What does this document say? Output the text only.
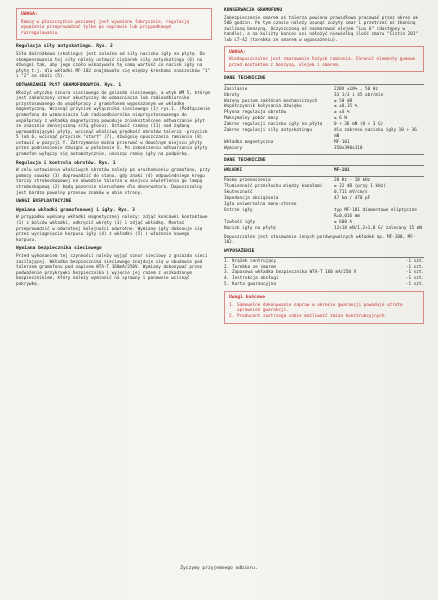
UWAGA:
Ramię w płaszczyźnie poziomej jest wyważone fabrycznie, regulację wyważenia przeprowadzać tylko po naprawie lub przypadkowym rozregulowaniu.
Regulacja siły antyskatingu. Rys. 2
Siła dośrodkowa (skatingu) jest zależna od siły nacisku igły na płytę. Do skompensowania tej siły należy ustawić ciężarek siły antyskatingu (6) na dźwigni tak, aby jego czoło wskazywało tę samą wartość co nacisk igły na płytę t.j. dla wkładki MF-102 znajdowało się między kreskami znaczników "1" i "2" na skali (5).
ODTWARZANIE PŁYT GRAMOFONOWYCH. Rys. 1
Włożyć wtyczkę sznura sieciowego do gniazda sieciowego, a wtyk WM 5, którym jest zakończony sznur akustyczny do wzmacniacza lub radioodbiornika przystosowanego do współpracy z gramofonem wyposażonym we wkładkę magnetyczną. Wcisnąć przycisk wyłącznika sieciowego (1) rys.1. (Podłączenie gramofonu do wzmacniacza lub radioodbiornika nieprzystosowanego do współpracy z wkładką magnetyczną powoduje zniekształcone odtwarzanie płyt ze znacznie zmniejszoną siłą głosu). Ustawić rzemię (11) nad żądaną wprowadzającymi płyty, wcisnąć właściwą prędkość obrotów talerza -przycisk 5 lub 6, wcisnąć przycisk "start" (7), dźwignię opuszczania ramienia (8) ustawić w pozycji Y. Zatrzymanie można przerwać w dowolnym miejscu płyty przez podniesienie dźwigni w położenie X. Po zakończeniu odtwarzania płyty gramofon wyłączy się automatycznie, unosząc ramię igły na podpórkę.
Regulacja i kontrola obrotów. Rys. 1
W celu ustawienia właściwych obrotów należy po uruchomieniu gramofonu, przy pomocy suwaka (3) doprowadzić do stanu, gdy znaki (4) odpowiedniego kręgu tarczy stroboskopowej na obwodzie talerza w miejscu oświetlenia go lampą stroboskopową (2) będą pozornie nieruchome dla obserwatora. Dopuszczalny jest bardzo powolny przesuw znaków w obie strony.
UWAGI EKSPLOATACYJNE
Wymiana wkładki gramofonowej i igły. Rys. 3
W przypadku wymiany wkładki magnetycznej należy: zdjąć końcówki kontaktowe (1) z bolców wkładki, odkręcić wkręty (3) i zdjąć wkładkę. Montaż przeprowadzić w odwrotnej kolejności odwrotne. Wymianę igły dokonuje się przez wyciągnięcie korpusu igły (4) z wkładki (5) i włożenie nowego korpusu.
Wymiana bezpiecznika sieciowego
Przed wykonaniem tej czynności należy wyjąć sznur sieciowy z gniazda sieci zasilającej. Wkładka bezpiecznika sieciowego znajduje się w obudowie pod talerzem gramofonu pod napisem WTA-T 160mA/250V. Wymiany dokonywać przez podważenie przykrywki bezpiecznika i wyjęcie jej razem z uszkodzonym bezpiecznikiem, który należy wymienić na sprawny i ponownie wcisnąć pokrywkę.
KONSERWACJA GRAMOFONU
Zabezpieczenie smarem oś talerza powinna prawidłowo pracować przez okres ok 500 godzin. Po tym czasie należy usunąć zużyty smar i przetrzeć oś tkaniną zwilżoną benzyną. Oczyszczoną oś nasmarować olejem "Lux 6" (dostępny w handlu), a na kuliżty koniec osi nałożyć niewielką ilość smaru "Cistin 201" lub LT-42 (tarebka ze smarem w wyposażeniu).
UWAGA:
Wiedopuszczalne jest smarowanie łożysk ramienia. Chronić elementy gumowe przed kontaktem z benzyną, olejem i smarem.
DANE TECHNICZNE
Zasilanie	220V ±10% , 50 Hz
Obroty	33 1/3 i 45 obr/min
Ważony poziom zakłóceń mechanicznych	≥ 50 dB
Współczynnik kołysania dźwięku	≤ ±0,15 %
Płynna regulacja obrotów	≥ ±4 %
Maksymalny pobór mocy	≤ 6 W
Zakres regulacji nacisku igły na płytę	0 ÷ 36 mN (0 ÷ 3 G)
Zakres regulacji siły antyskatingu	dla zakresu nacisku igły 10 ÷ 36 mN
Wkładka magnetyczna	MF-101
Wymiary	350x390x110
DANE TECHNICZNE
WKŁADKI	MF-101
Pasmo przenoszenia	20 Hz - 18 kHz
Tłumienność przesłuchu między kanałami	≥ 22 dB (przy 1 kHz)
Skuteczność	0,711 mV/cm/s
Impedancja obciążenia	47 kΩ / 470 pF
Igła uniwersalna mono-stereo	
Ostrze igły	typ MF-101 diamentowe eliptyczne R=0,016 mm
Tzwłość igły	≥ 600 h
Nacisk igły na płytę	12÷18 mN/1,2÷1,8 G/ zalecany 15 mN
Dopuszczalne jest stosowanie innych porównywalnych wkładek np. MF-100, MF-102.
WYPOSAŻENIE
1. Krążek centrujący	-1 szt.
2. Torebka ze smarem	-1 szt.
3. Zapasowa wkładka bezpiecznika WTA-T 160 mA/250 V	-1 szt.
4. Instrukcja obsługi	-1 szt.
5. Karta gwarancyjna	-1 szt.
Uwagi końcowe
1. Samowolne dokonywanie napraw w okresie gwarancji powoduje utratę uprawnień gwarancji.
2. Producent zastrzega sobie możliwość zmian konstrukcyjnych.
Życzymy przyjemnego odbioru.
